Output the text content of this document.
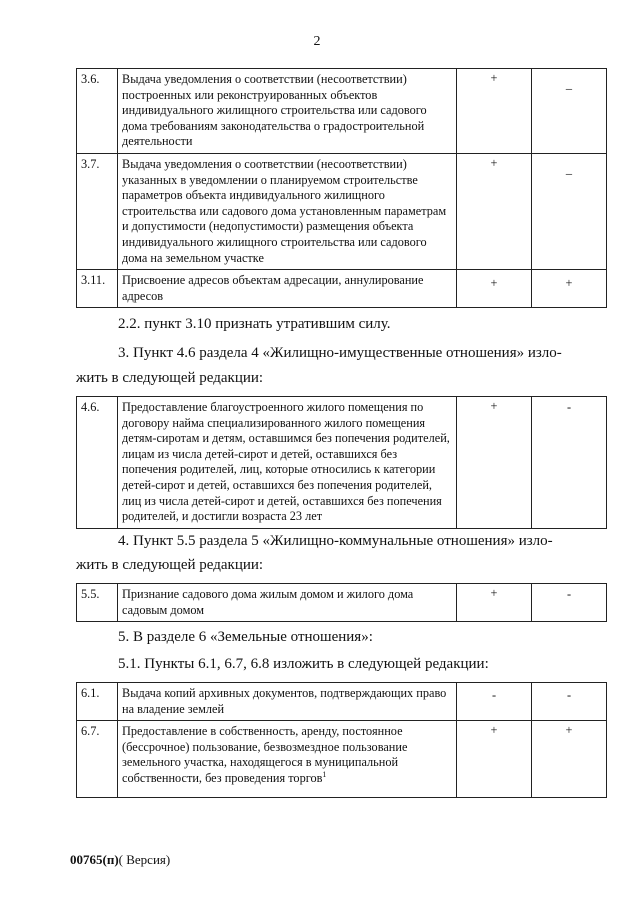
2
3.6.	Выдача уведомления о соответствии (несоответствии) построенных или реконструированных объектов индивидуального жилищного строительства или садового дома требованиям законодательства о градостроительной деятельности	+	_
3.7.	Выдача уведомления о соответствии (несоответствии) указанных в уведомлении о планируемом строительстве параметров объекта индивидуального жилищного строительства или садового дома установленным параметрам и допустимости (недопустимости) размещения объекта индивидуального жилищного строительства или садового дома на земельном участке	+	_
3.11.	Присвоение адресов объектам адресации, аннулирование адресов	+	+
2.2. пункт 3.10 признать утратившим силу.
3. Пункт 4.6 раздела 4 «Жилищно-имущественные отношения» изло-
жить в следующей редакции:
4.6.	Предоставление благоустроенного жилого помещения по договору найма специализированного жилого помещения детям-сиротам и детям, оставшимся без попечения родителей, лицам из числа детей-сирот и детей, оставшихся без попечения родителей, лиц, которые относились к категории детей-сирот и детей, оставшихся без попечения родителей, лиц из числа детей-сирот и детей, оставшихся без попечения родителей, и достигли возраста 23 лет	+	-
4. Пункт 5.5 раздела 5 «Жилищно-коммунальные отношения» изло-
жить в следующей редакции:
5.5.	Признание садового дома жилым домом и жилого дома садовым домом	+	-
5. В разделе 6 «Земельные отношения»:
5.1. Пункты 6.1, 6.7, 6.8 изложить в следующей редакции:
6.1.	Выдача копий архивных документов, подтверждающих право на владение землей	-	-
6.7.	Предоставление в собственность, аренду, постоянное (бессрочное) пользование, безвозмездное пользование земельного участка, находящегося в муниципальной собственности, без проведения торгов$^1$	+	+
00765(п)( Версия)
